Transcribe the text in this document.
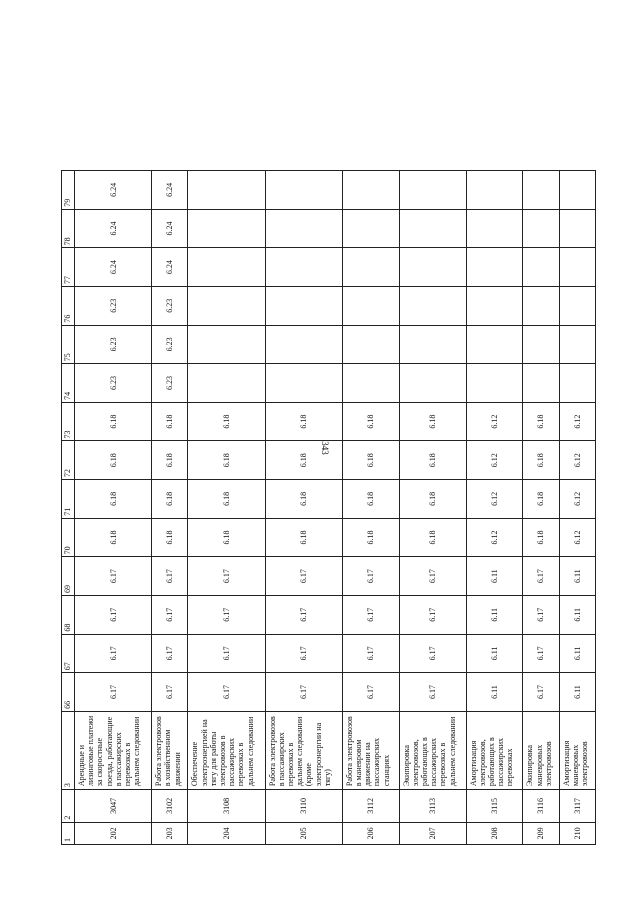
343
1	2	3	66	67	68	69	70	71	72	73	74	75	76	77	78	79
202	3047	Арендные и лизинговые платежи за скоростные поезда, работающие в пассажирских перевозках в дальнем следовании	6.17	6.17	6.17	6.17	6.18	6.18	6.18	6.18	6.23	6.23	6.23	6.24	6.24	6.24
203	3102	Работа электровозов в хозяйственном движении	6.17	6.17	6.17	6.17	6.18	6.18	6.18	6.18	6.23	6.23	6.23	6.24	6.24	6.24
204	3108	Обеспечение электроэнергией на тягу для работы электровозов в пассажирских перевозках в дальнем следовании	6.17	6.17	6.17	6.17	6.18	6.18	6.18	6.18						
205	3110	Работа электровозов в пассажирских перевозках в дальнем следовании (кроме электроэнергии на тягу)	6.17	6.17	6.17	6.17	6.18	6.18	6.18	6.18						
206	3112	Работа электровозов в маневровом движении на пассажирских станциях	6.17	6.17	6.17	6.17	6.18	6.18	6.18	6.18						
207	3113	Экипировка электровозов, работающих в пассажирских перевозках в дальнем следовании	6.17	6.17	6.17	6.17	6.18	6.18	6.18	6.18						
208	3115	Амортизация электровозов, работающих в пассажирских перевозках	6.11	6.11	6.11	6.11	6.12	6.12	6.12	6.12						
209	3116	Экипировка маневровых электровозов	6.17	6.17	6.17	6.17	6.18	6.18	6.18	6.18						
210	3117	Амортизация маневровых электровозов	6.11	6.11	6.11	6.11	6.12	6.12	6.12	6.12						
